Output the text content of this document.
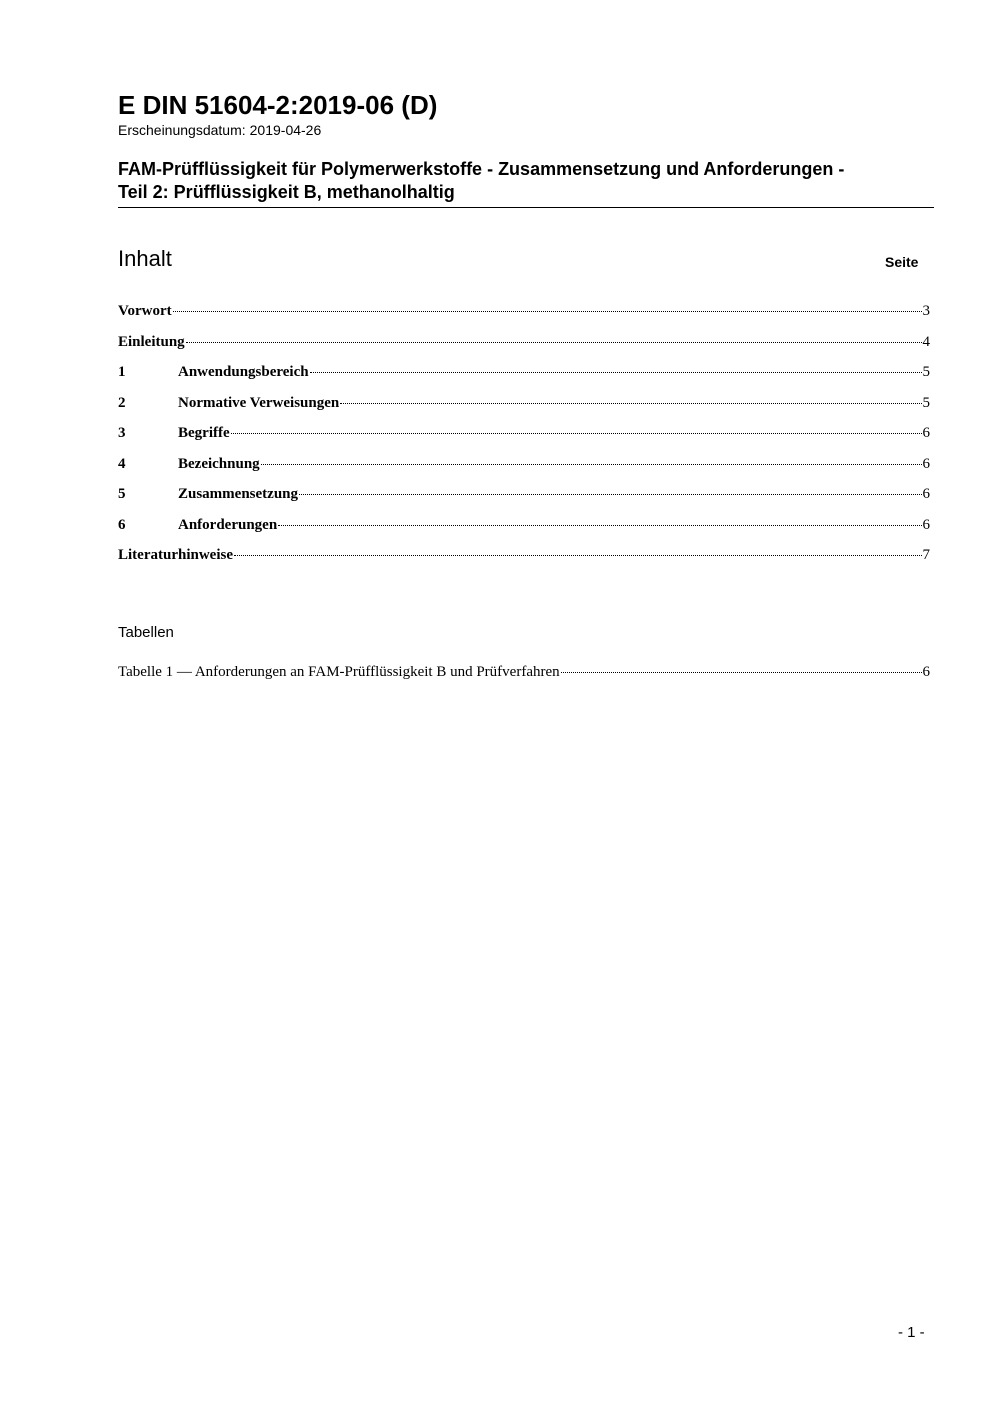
E DIN 51604-2:2019-06 (D)
Erscheinungsdatum: 2019-04-26
FAM-Prüfflüssigkeit für Polymerwerkstoffe - Zusammensetzung und Anforderungen -
Teil 2: Prüfflüssigkeit B, methanolhaltig
Inhalt	Seite
Vorwort	3
Einleitung	4
1	Anwendungsbereich	5
2	Normative Verweisungen	5
3	Begriffe	6
4	Bezeichnung	6
5	Zusammensetzung	6
6	Anforderungen	6
Literaturhinweise	7
Tabellen
Tabelle 1 — Anforderungen an FAM-Prüfflüssigkeit B und Prüfverfahren	6
- 1 -
